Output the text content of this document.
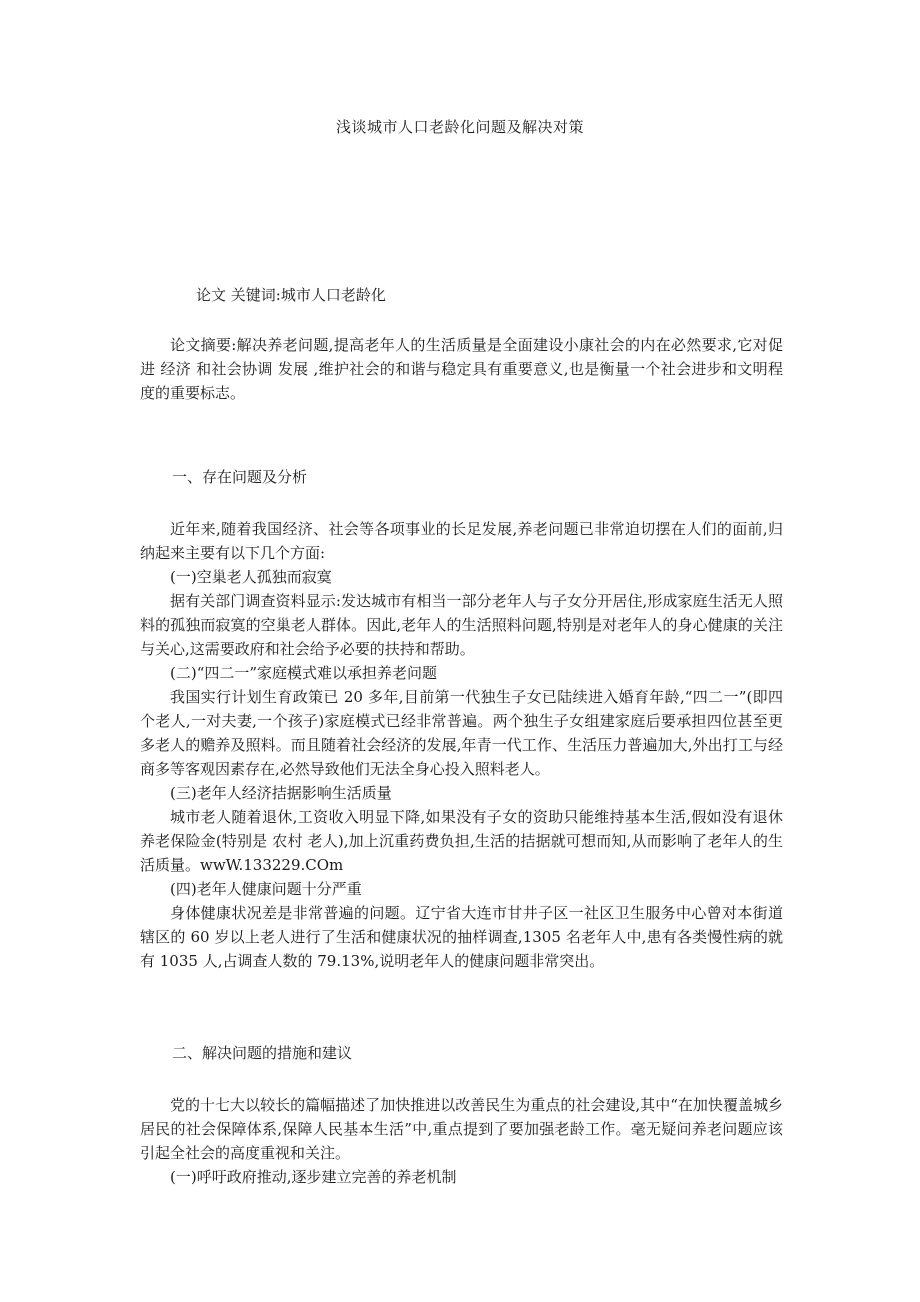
浅谈城市人口老龄化问题及解决对策
论文 关键词:城市人口老龄化

论文摘要:解决养老问题,提高老年人的生活质量是全面建设小康社会的内在必然要求,它对促进 经济 和社会协调 发展 ,维护社会的和谐与稳定具有重要意义,也是衡量一个社会进步和文明程度的重要标志。

一、存在问题及分析

近年来,随着我国经济、社会等各项事业的长足发展,养老问题已非常迫切摆在人们的面前,归纳起来主要有以下几个方面:

(一)空巢老人孤独而寂寞

据有关部门调查资料显示:发达城市有相当一部分老年人与子女分开居住,形成家庭生活无人照料的孤独而寂寞的空巢老人群体。因此,老年人的生活照料问题,特别是对老年人的身心健康的关注与关心,这需要政府和社会给予必要的扶持和帮助。

(二)“四二一”家庭模式难以承担养老问题

我国实行计划生育政策已 20 多年,目前第一代独生子女已陆续进入婚育年龄,“四二一”(即四个老人,一对夫妻,一个孩子)家庭模式已经非常普遍。两个独生子女组建家庭后要承担四位甚至更多老人的赡养及照料。而且随着社会经济的发展,年青一代工作、生活压力普遍加大,外出打工与经商多等客观因素存在,必然导致他们无法全身心投入照料老人。

(三)老年人经济拮据影响生活质量

城市老人随着退休,工资收入明显下降,如果没有子女的资助只能维持基本生活,假如没有退休养老保险金(特别是 农村 老人),加上沉重药费负担,生活的拮据就可想而知,从而影响了老年人的生活质量。wwW.133229.COm

(四)老年人健康问题十分严重

身体健康状况差是非常普遍的问题。辽宁省大连市甘井子区一社区卫生服务中心曾对本街道辖区的 60 岁以上老人进行了生活和健康状况的抽样调查,1305 名老年人中,患有各类慢性病的就有 1035 人,占调查人数的 79.13%,说明老年人的健康问题非常突出。

二、解决问题的措施和建议

党的十七大以较长的篇幅描述了加快推进以改善民生为重点的社会建设,其中“在加快覆盖城乡居民的社会保障体系,保障人民基本生活”中,重点提到了要加强老龄工作。毫无疑问养老问题应该引起全社会的高度重视和关注。

(一)呼吁政府推动,逐步建立完善的养老机制
